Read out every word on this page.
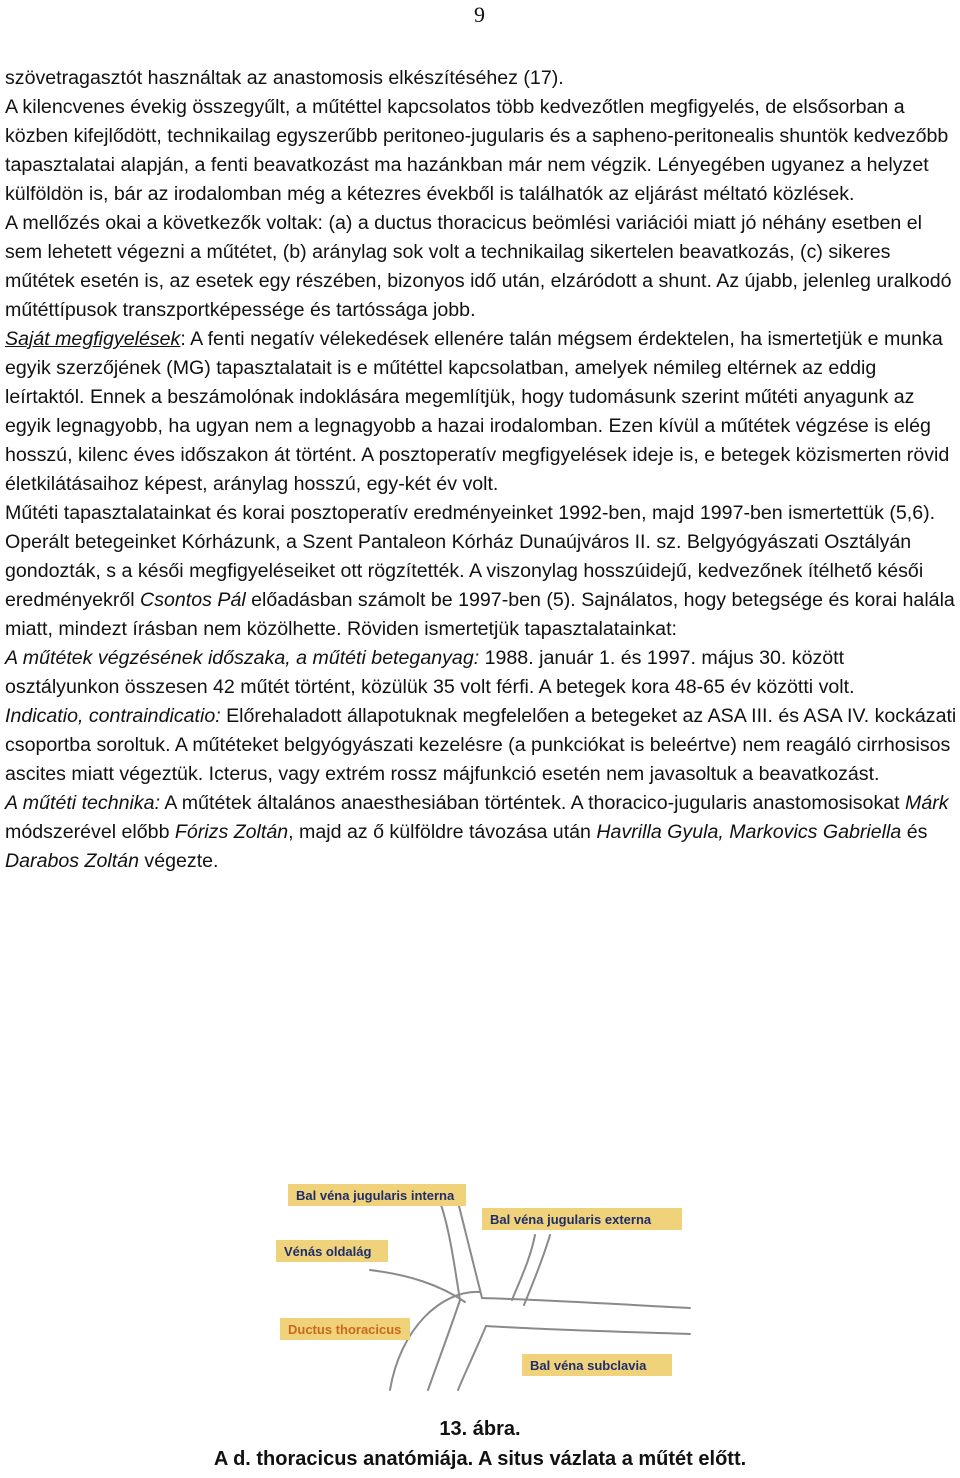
9

szövetragasztót használtak az anastomosis elkészítéséhez (17).

A kilencvenes évekig összegyűlt, a műtéttel kapcsolatos több kedvezőtlen megfigyelés, de elsősorban a közben kifejlődött, technikailag egyszerűbb peritoneo-jugularis és a sapheno-peritonealis shuntök kedvezőbb tapasztalatai alapján, a fenti beavatkozást ma hazánkban már nem végzik. Lényegében ugyanez a helyzet külföldön is, bár az irodalomban még a kétezres évekből is találhatók az eljárást méltató közlések.

A mellőzés okai a következők voltak: (a) a ductus thoracicus beömlési variációi miatt jó néhány esetben el sem lehetett végezni a műtétet, (b) aránylag sok volt a technikailag sikertelen beavatkozás, (c) sikeres műtétek esetén is, az esetek egy részében, bizonyos idő után, elzáródott a shunt. Az újabb, jelenleg uralkodó műtéttípusok transzportképessége és tartóssága jobb.

Saját megfigyelések: A fenti negatív vélekedések ellenére talán mégsem érdektelen, ha ismertetjük e munka egyik szerzőjének (MG) tapasztalatait is e műtéttel kapcsolatban, amelyek némileg eltérnek az eddig leírtaktól. Ennek a beszámolónak indoklására megemlítjük, hogy tudomásunk szerint műtéti anyagunk az egyik legnagyobb, ha ugyan nem a legnagyobb a hazai irodalomban. Ezen kívül a műtétek végzése is elég hosszú, kilenc éves időszakon át történt. A posztoperatív megfigyelések ideje is, e betegek közismerten rövid életkilátásaihoz képest, aránylag hosszú, egy-két év volt.

Műtéti tapasztalatainkat és korai posztoperatív eredményeinket 1992-ben, majd 1997-ben ismertettük (5,6). Operált betegeinket Kórházunk, a Szent Pantaleon Kórház Dunaújváros II. sz. Belgyógyászati Osztályán gondozták, s a késői megfigyeléseiket ott rögzítették. A viszonylag hosszúidejű, kedvezőnek ítélhető késői eredményekről Csontos Pál előadásban számolt be 1997-ben (5). Sajnálatos, hogy betegsége és korai halála miatt, mindezt írásban nem közölhette. Röviden ismertetjük tapasztalatainkat:

A műtétek végzésének időszaka, a műtéti beteganyag: 1988. január 1. és 1997. május 30. között osztályunkon összesen 42 műtét történt, közülük 35 volt férfi. A betegek kora 48-65 év közötti volt.

Indicatio, contraindicatio: Előrehaladott állapotuknak megfelelően a betegeket az ASA III. és ASA IV. kockázati csoportba soroltuk. A műtéteket belgyógyászati kezelésre (a punkciókat is beleértve) nem reagáló cirrhosisos ascites miatt végeztük. Icterus, vagy extrém rossz májfunkció esetén nem javasoltuk a beavatkozást.

A műtéti technika: A műtétek általános anaesthesiában történtek. A thoracico-jugularis anastomosisokat Márk módszerével előbb Fórizs Zoltán, majd az ő külföldre távozása után Havrilla Gyula, Markovics Gabriella és Darabos Zoltán végezte.

Bal véna jugularis interna
Bal véna jugularis externa
Vénás oldalág
Ductus thoracicus
Bal véna subclavia
13. ábra.
A d. thoracicus anatómiája. A situs vázlata a műtét előtt.
